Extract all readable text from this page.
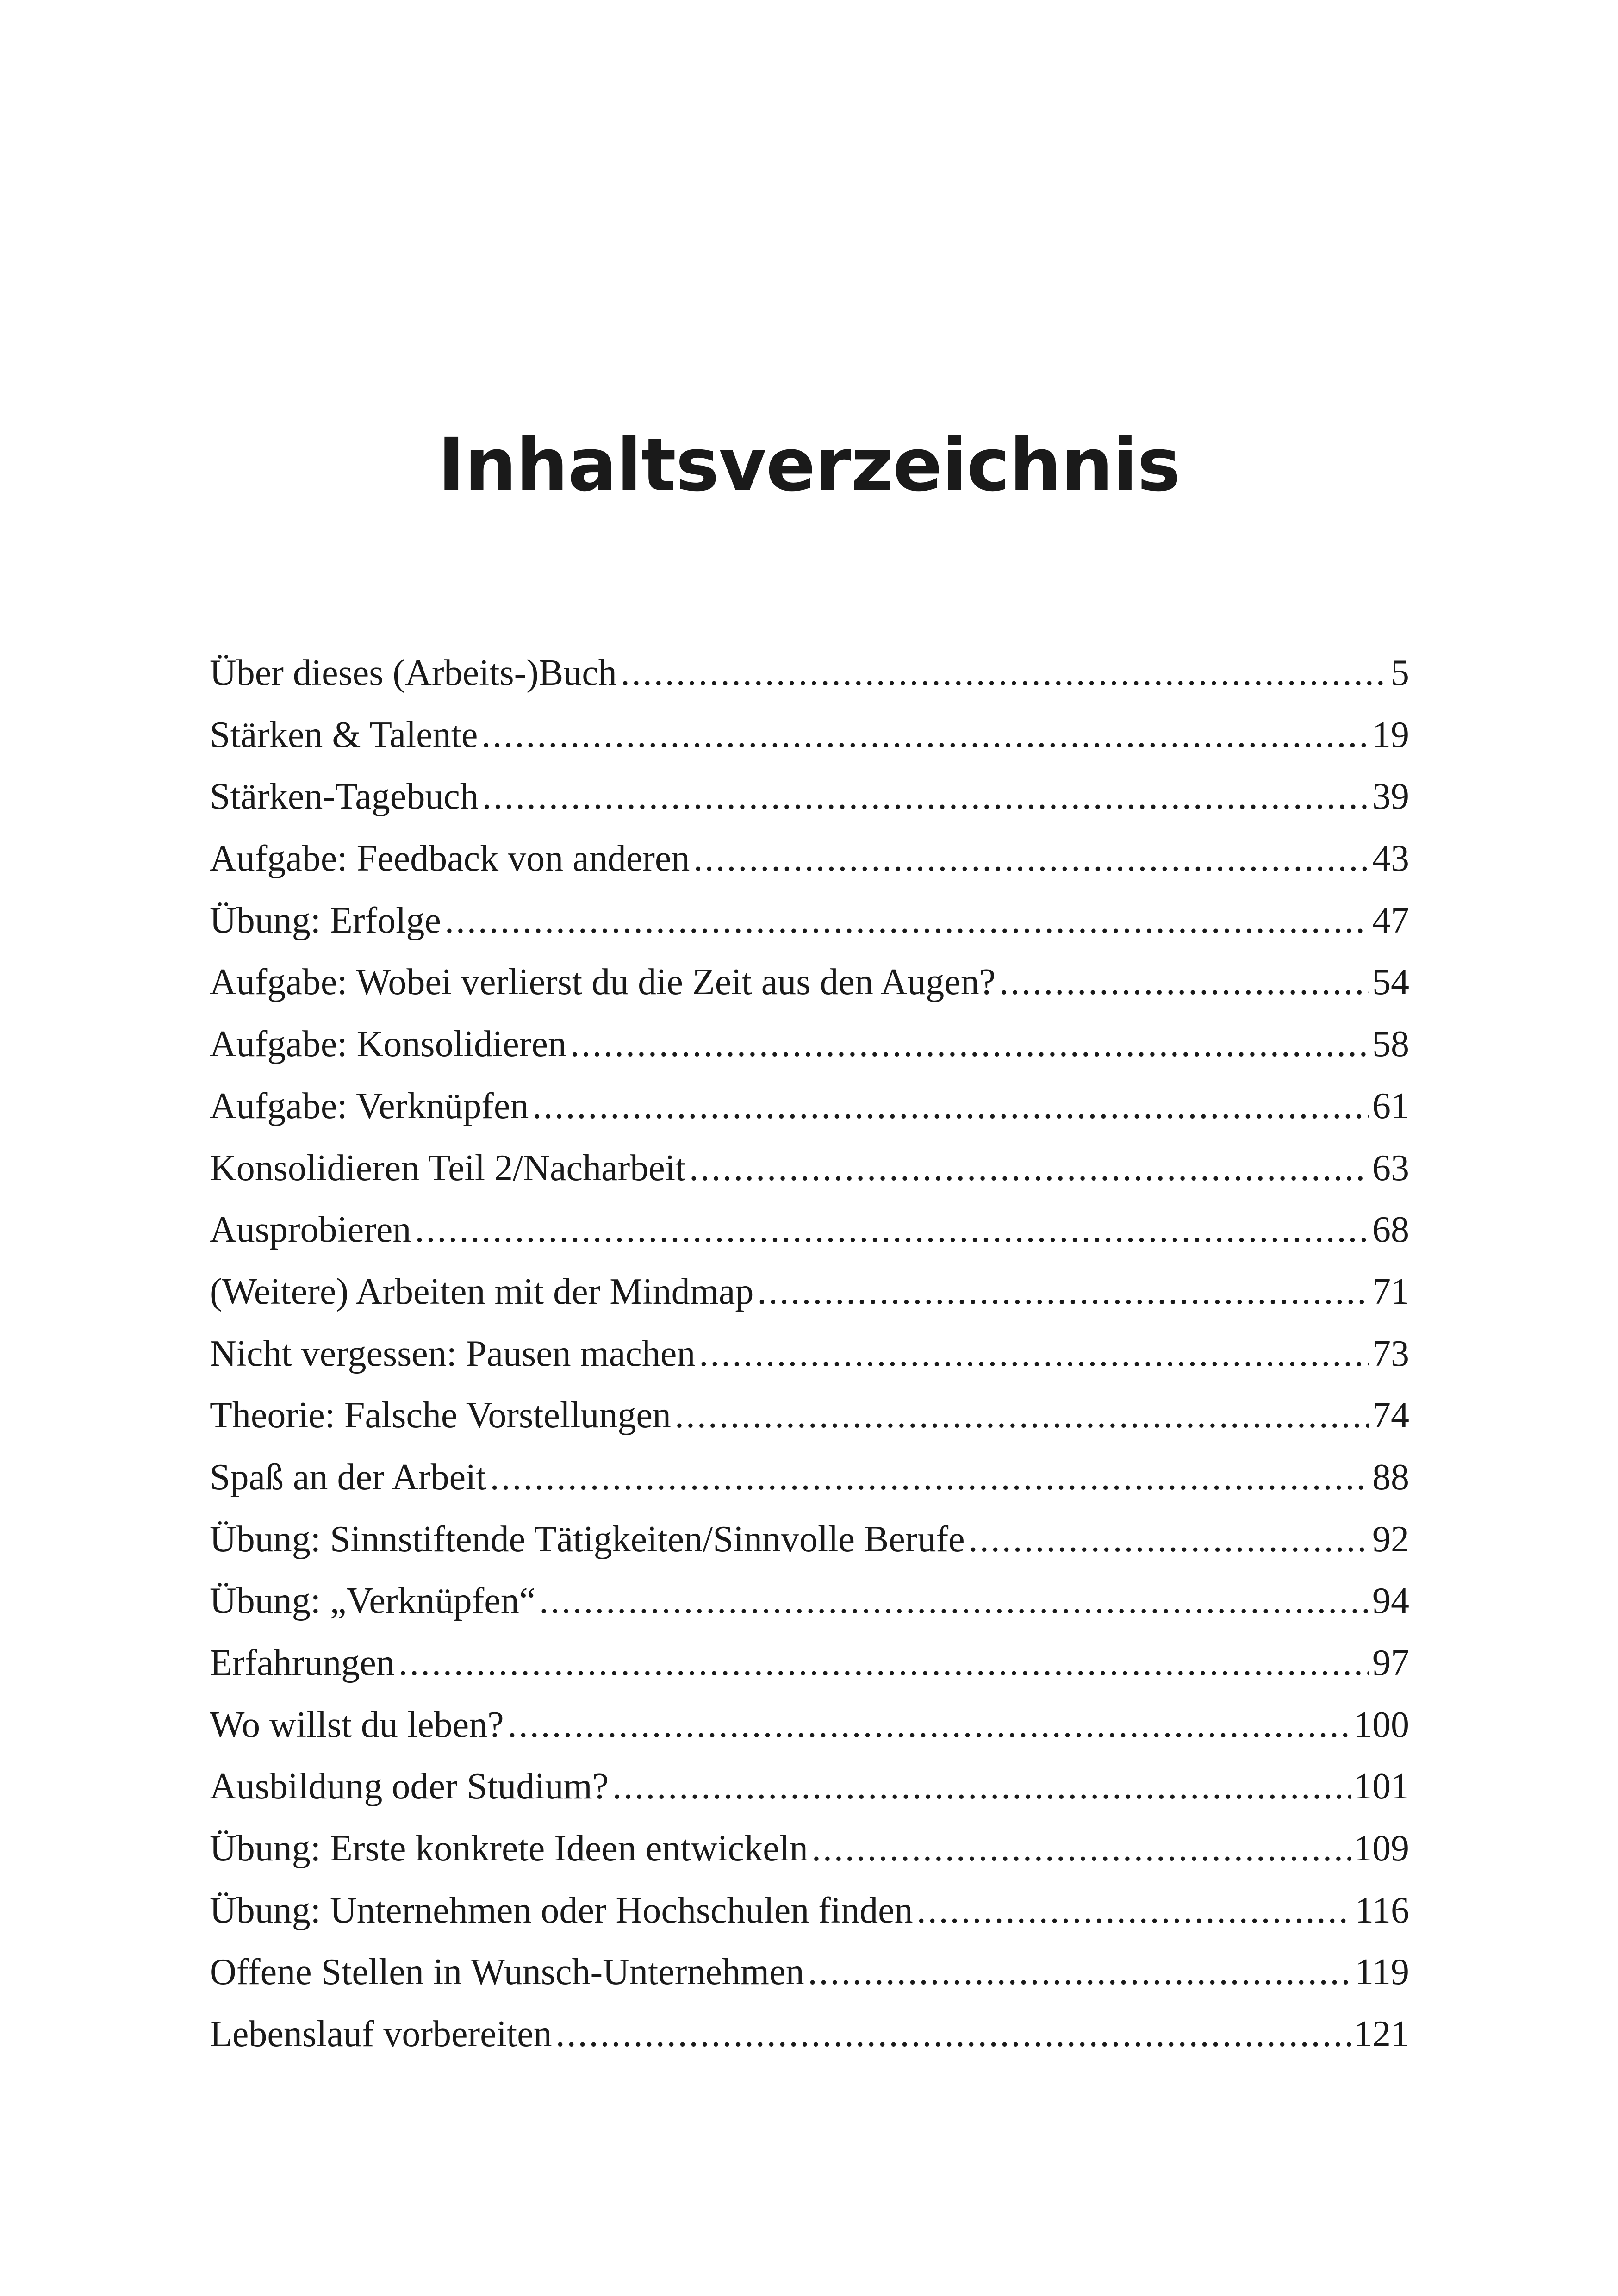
Inhaltsverzeichnis
Über dieses (Arbeits-)Buch .....	5
Stärken & Talente .....	19
Stärken-Tagebuch .....	39
Aufgabe: Feedback von anderen .....	43
Übung: Erfolge .....	47
Aufgabe: Wobei verlierst du die Zeit aus den Augen? .....	54
Aufgabe: Konsolidieren .....	58
Aufgabe: Verknüpfen .....	61
Konsolidieren Teil 2/Nacharbeit .....	63
Ausprobieren .....	68
(Weitere) Arbeiten mit der Mindmap .....	71
Nicht vergessen: Pausen machen .....	73
Theorie: Falsche Vorstellungen .....	74
Spaß an der Arbeit .....	88
Übung: Sinnstiftende Tätigkeiten/Sinnvolle Berufe .....	92
Übung: „Verknüpfen“ .....	94
Erfahrungen .....	97
Wo willst du leben? .....	100
Ausbildung oder Studium? .....	101
Übung: Erste konkrete Ideen entwickeln .....	109
Übung: Unternehmen oder Hochschulen finden .....	116
Offene Stellen in Wunsch-Unternehmen .....	119
Lebenslauf vorbereiten .....	121
